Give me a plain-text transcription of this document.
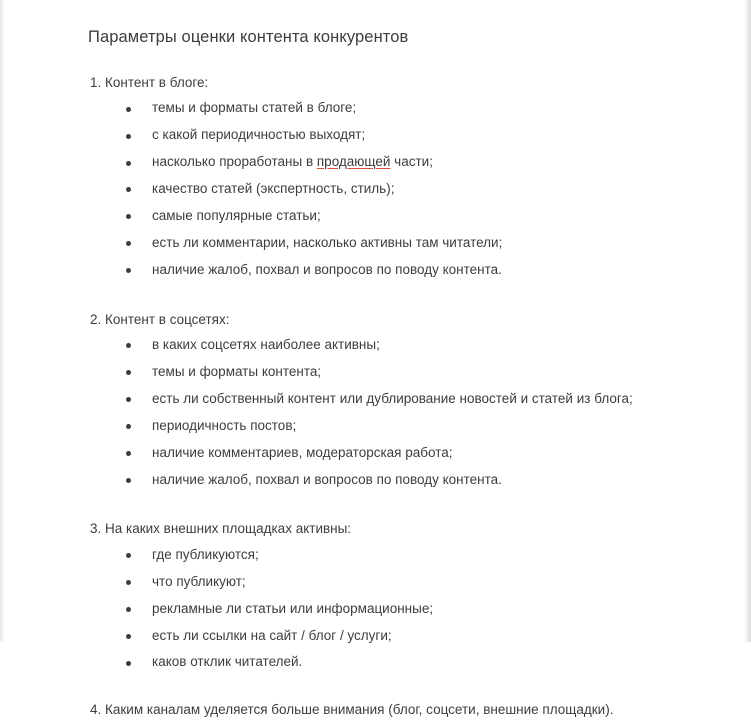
Параметры оценки контента конкурентов

1. Контент в блоге:

темы и форматы статей в блоге;
с какой периодичностью выходят;
насколько проработаны в продающей части;
качество статей (экспертность, стиль);
самые популярные статьи;
есть ли комментарии, насколько активны там читатели;
наличие жалоб, похвал и вопросов по поводу контента.

2. Контент в соцсетях:

в каких соцсетях наиболее активны;
темы и форматы контента;
есть ли собственный контент или дублирование новостей и статей из блога;
периодичность постов;
наличие комментариев, модераторская работа;
наличие жалоб, похвал и вопросов по поводу контента.

3. На каких внешних площадках активны:

где публикуются;
что публикуют;
рекламные ли статьи или информационные;
есть ли ссылки на сайт / блог / услуги;
каков отклик читателей.

4. Каким каналам уделяется больше внимания (блог, соцсети, внешние площадки).
